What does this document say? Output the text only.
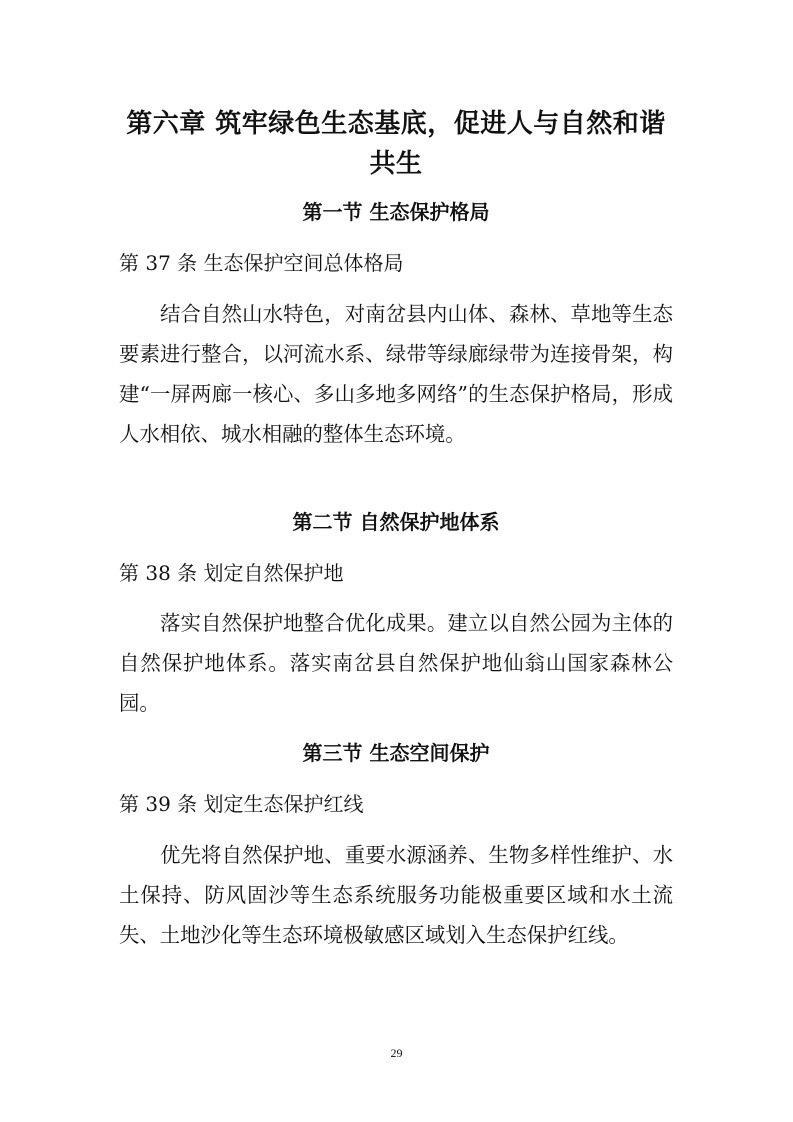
第六章 筑牢绿色生态基底，促进人与自然和谐共生
第一节 生态保护格局
第 37 条 生态保护空间总体格局

结合自然山水特色，对南岔县内山体、森林、草地等生态要素进行整合，以河流水系、绿带等绿廊绿带为连接骨架，构建“一屏两廊一核心、多山多地多网络”的生态保护格局，形成人水相依、城水相融的整体生态环境。

第二节 自然保护地体系
第 38 条 划定自然保护地

落实自然保护地整合优化成果。建立以自然公园为主体的自然保护地体系。落实南岔县自然保护地仙翁山国家森林公园。

第三节 生态空间保护
第 39 条 划定生态保护红线

优先将自然保护地、重要水源涵养、生物多样性维护、水土保持、防风固沙等生态系统服务功能极重要区域和水土流失、土地沙化等生态环境极敏感区域划入生态保护红线。

29
